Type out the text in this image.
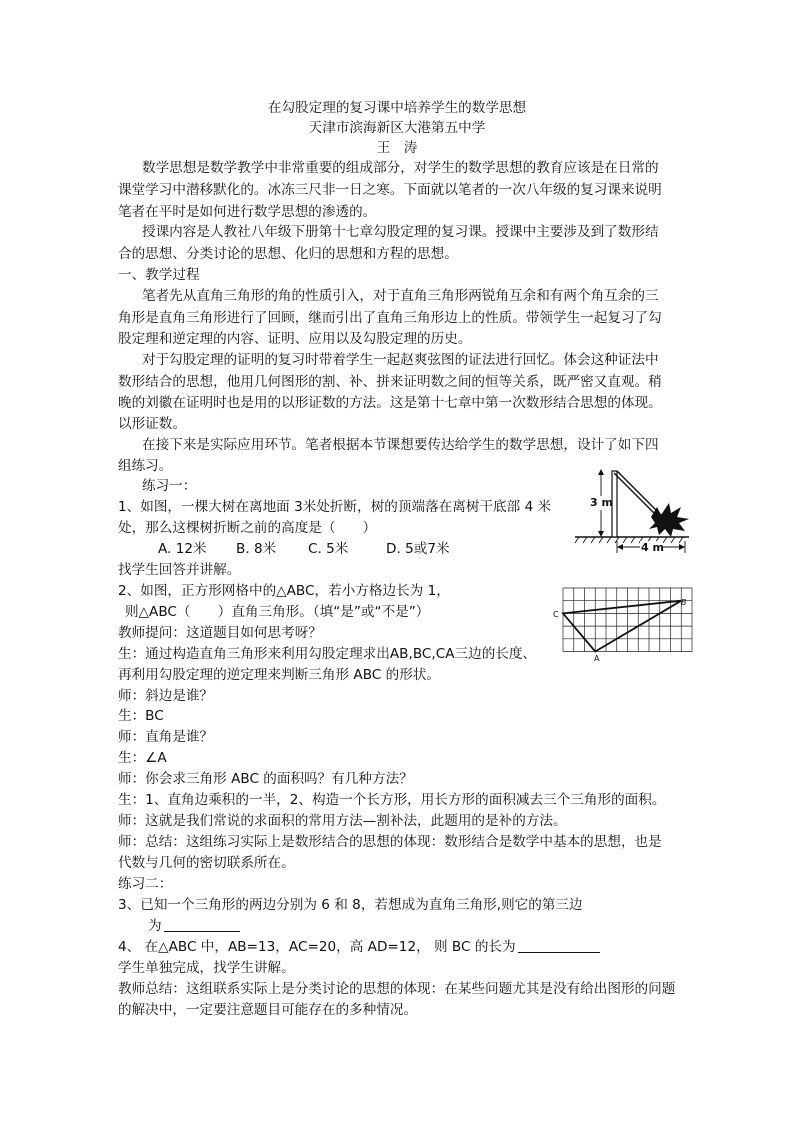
在勾股定理的复习课中培养学生的数学思想
天津市滨海新区大港第五中学
王　涛
数学思想是数学教学中非常重要的组成部分，对学生的数学思想的教育应该是在日常的
课堂学习中潜移默化的。冰冻三尺非一日之寒。下面就以笔者的一次八年级的复习课来说明
笔者在平时是如何进行数学思想的渗透的。
授课内容是人教社八年级下册第十七章勾股定理的复习课。授课中主要涉及到了数形结
合的思想、分类讨论的思想、化归的思想和方程的思想。
一、教学过程
笔者先从直角三角形的角的性质引入，对于直角三角形两锐角互余和有两个角互余的三
角形是直角三角形进行了回顾，继而引出了直角三角形边上的性质。带领学生一起复习了勾
股定理和逆定理的内容、证明、应用以及勾股定理的历史。
对于勾股定理的证明的复习时带着学生一起赵爽弦图的证法进行回忆。体会这种证法中
数形结合的思想，他用几何图形的割、补、拼来证明数之间的恒等关系，既严密又直观。稍
晚的刘徽在证明时也是用的以形证数的方法。这是第十七章中第一次数形结合思想的体现。
以形证数。
在接下来是实际应用环节。笔者根据本节课想要传达给学生的数学思想，设计了如下四
组练习。
练习一：
1、如图，一棵大树在离地面 3米处折断，树的顶端落在离树干底部 4 米
处，那么这棵树折断之前的高度是（　　）
A. 12米 B. 8米 C. 5米	D. 5或7米
找学生回答并讲解。
3 m
4 m
2、如图，正方形网格中的△ABC，若小方格边长为 1，
则△ABC（　　）直角三角形。（填“是”或“不是”）	C
B
A
教师提问：这道题目如何思考呀？
生：通过构造直角三角形来利用勾股定理求出AB,BC,CA三边的长度、
再利用勾股定理的逆定理来判断三角形 ABC 的形状。
师：斜边是谁？
生：BC
师：直角是谁？
生：∠A
师：你会求三角形 ABC 的面积吗？有几种方法？
生：1、直角边乘积的一半，2、构造一个长方形，用长方形的面积减去三个三角形的面积。
师：这就是我们常说的求面积的常用方法—割补法，此题用的是补的方法。
师：总结：这组练习实际上是数形结合的思想的体现：数形结合是数学中基本的思想，也是
代数与几何的密切联系所在。
练习二：
3、已知一个三角形的两边分别为 6 和 8，若想成为直角三角形,则它的第三边
为
4、 在△ABC 中，AB=13，AC=20，高 AD=12， 则 BC 的长为
学生单独完成，找学生讲解。
教师总结：这组联系实际上是分类讨论的思想的体现：在某些问题尤其是没有给出图形的问题
的解决中，一定要注意题目可能存在的多种情况。
